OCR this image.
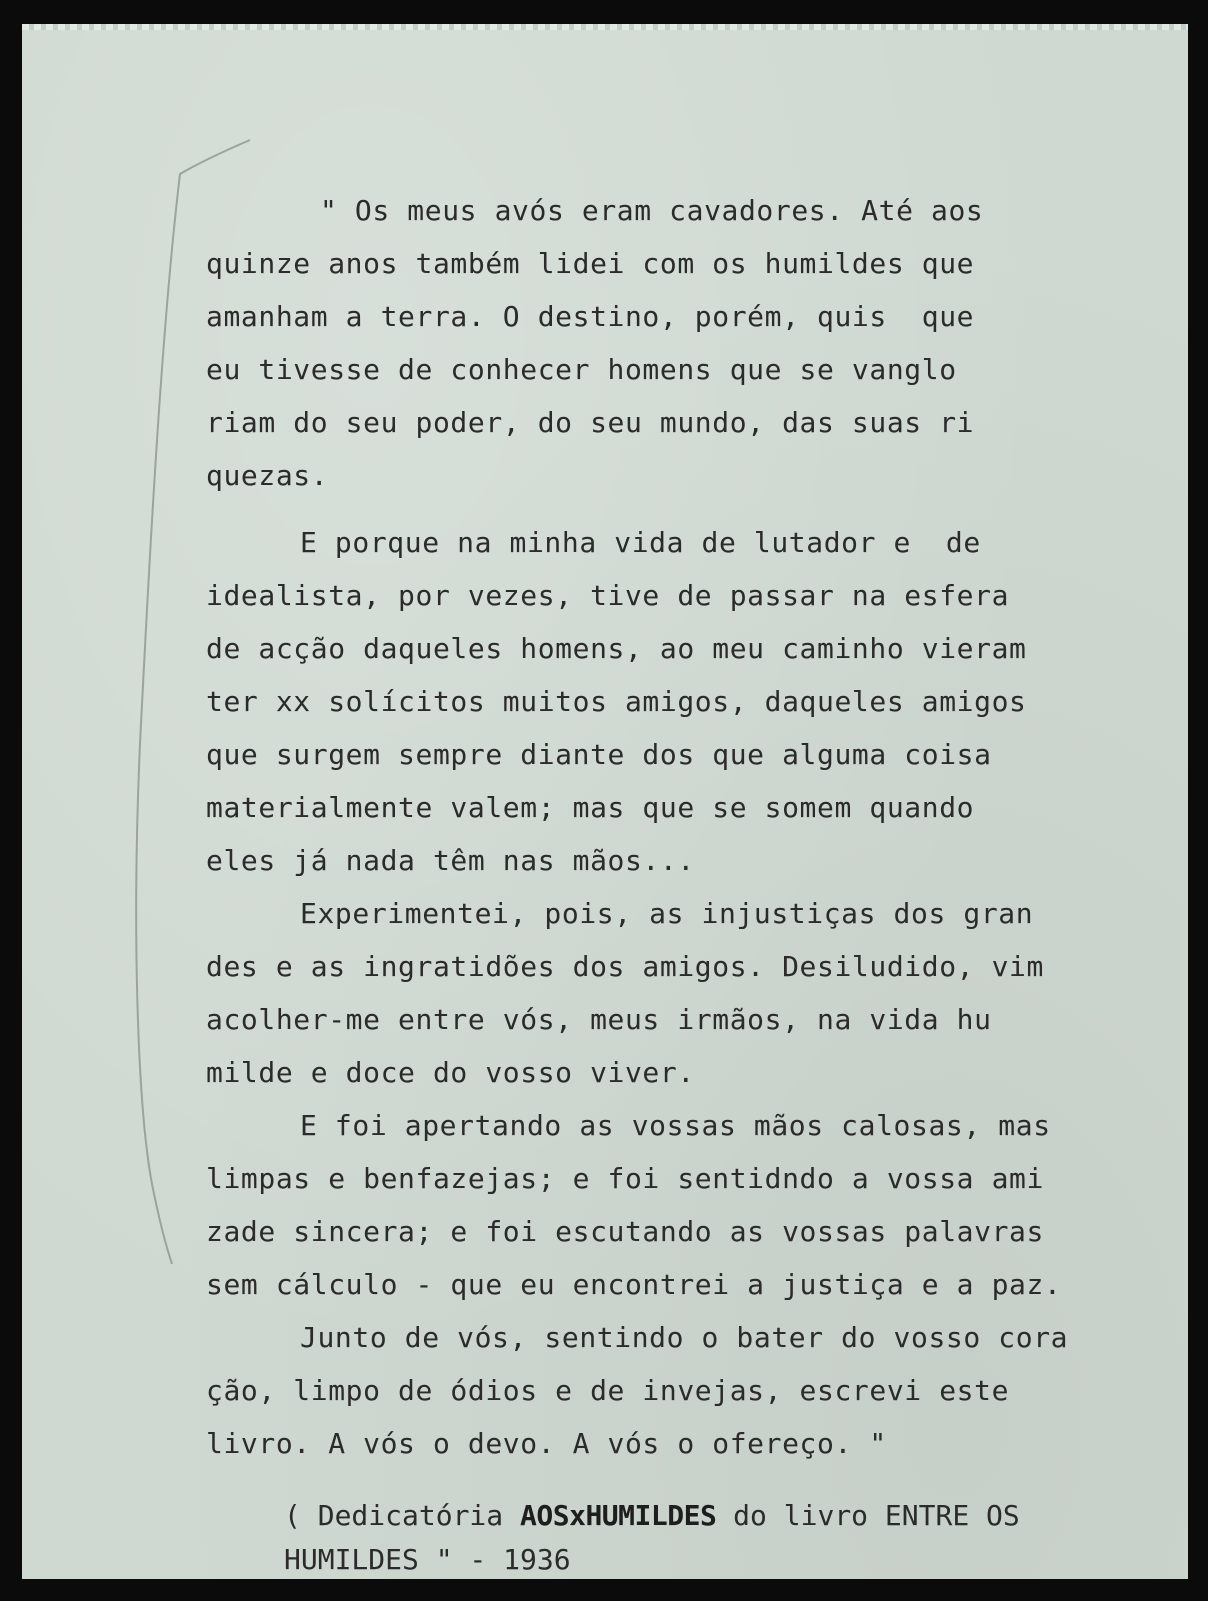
" Os meus avós eram cavadores. Até aos
quinze anos também lidei com os humildes que
amanham a terra. O destino, porém, quis  que
eu tivesse de conhecer homens que se vanglo
riam do seu poder, do seu mundo, das suas ri
quezas.
E porque na minha vida de lutador e  de
idealista, por vezes, tive de passar na esfera
de acção daqueles homens, ao meu caminho vieram
ter xx solícitos muitos amigos, daqueles amigos
que surgem sempre diante dos que alguma coisa
materialmente valem; mas que se somem quando
eles já nada têm nas mãos...
Experimentei, pois, as injustiças dos gran
des e as ingratidões dos amigos. Desiludido, vim
acolher-me entre vós, meus irmãos, na vida hu
milde e doce do vosso viver.
E foi apertando as vossas mãos calosas, mas
limpas e benfazejas; e foi sentidndo a vossa ami
zade sincera; e foi escutando as vossas palavras
sem cálculo - que eu encontrei a justiça e a paz.
Junto de vós, sentindo o bater do vosso cora
ção, limpo de ódios e de invejas, escrevi este
livro. A vós o devo. A vós o ofereço. "
( Dedicatória AOSxHUMILDES do livro ENTRE OS
HUMILDES " - 1936
